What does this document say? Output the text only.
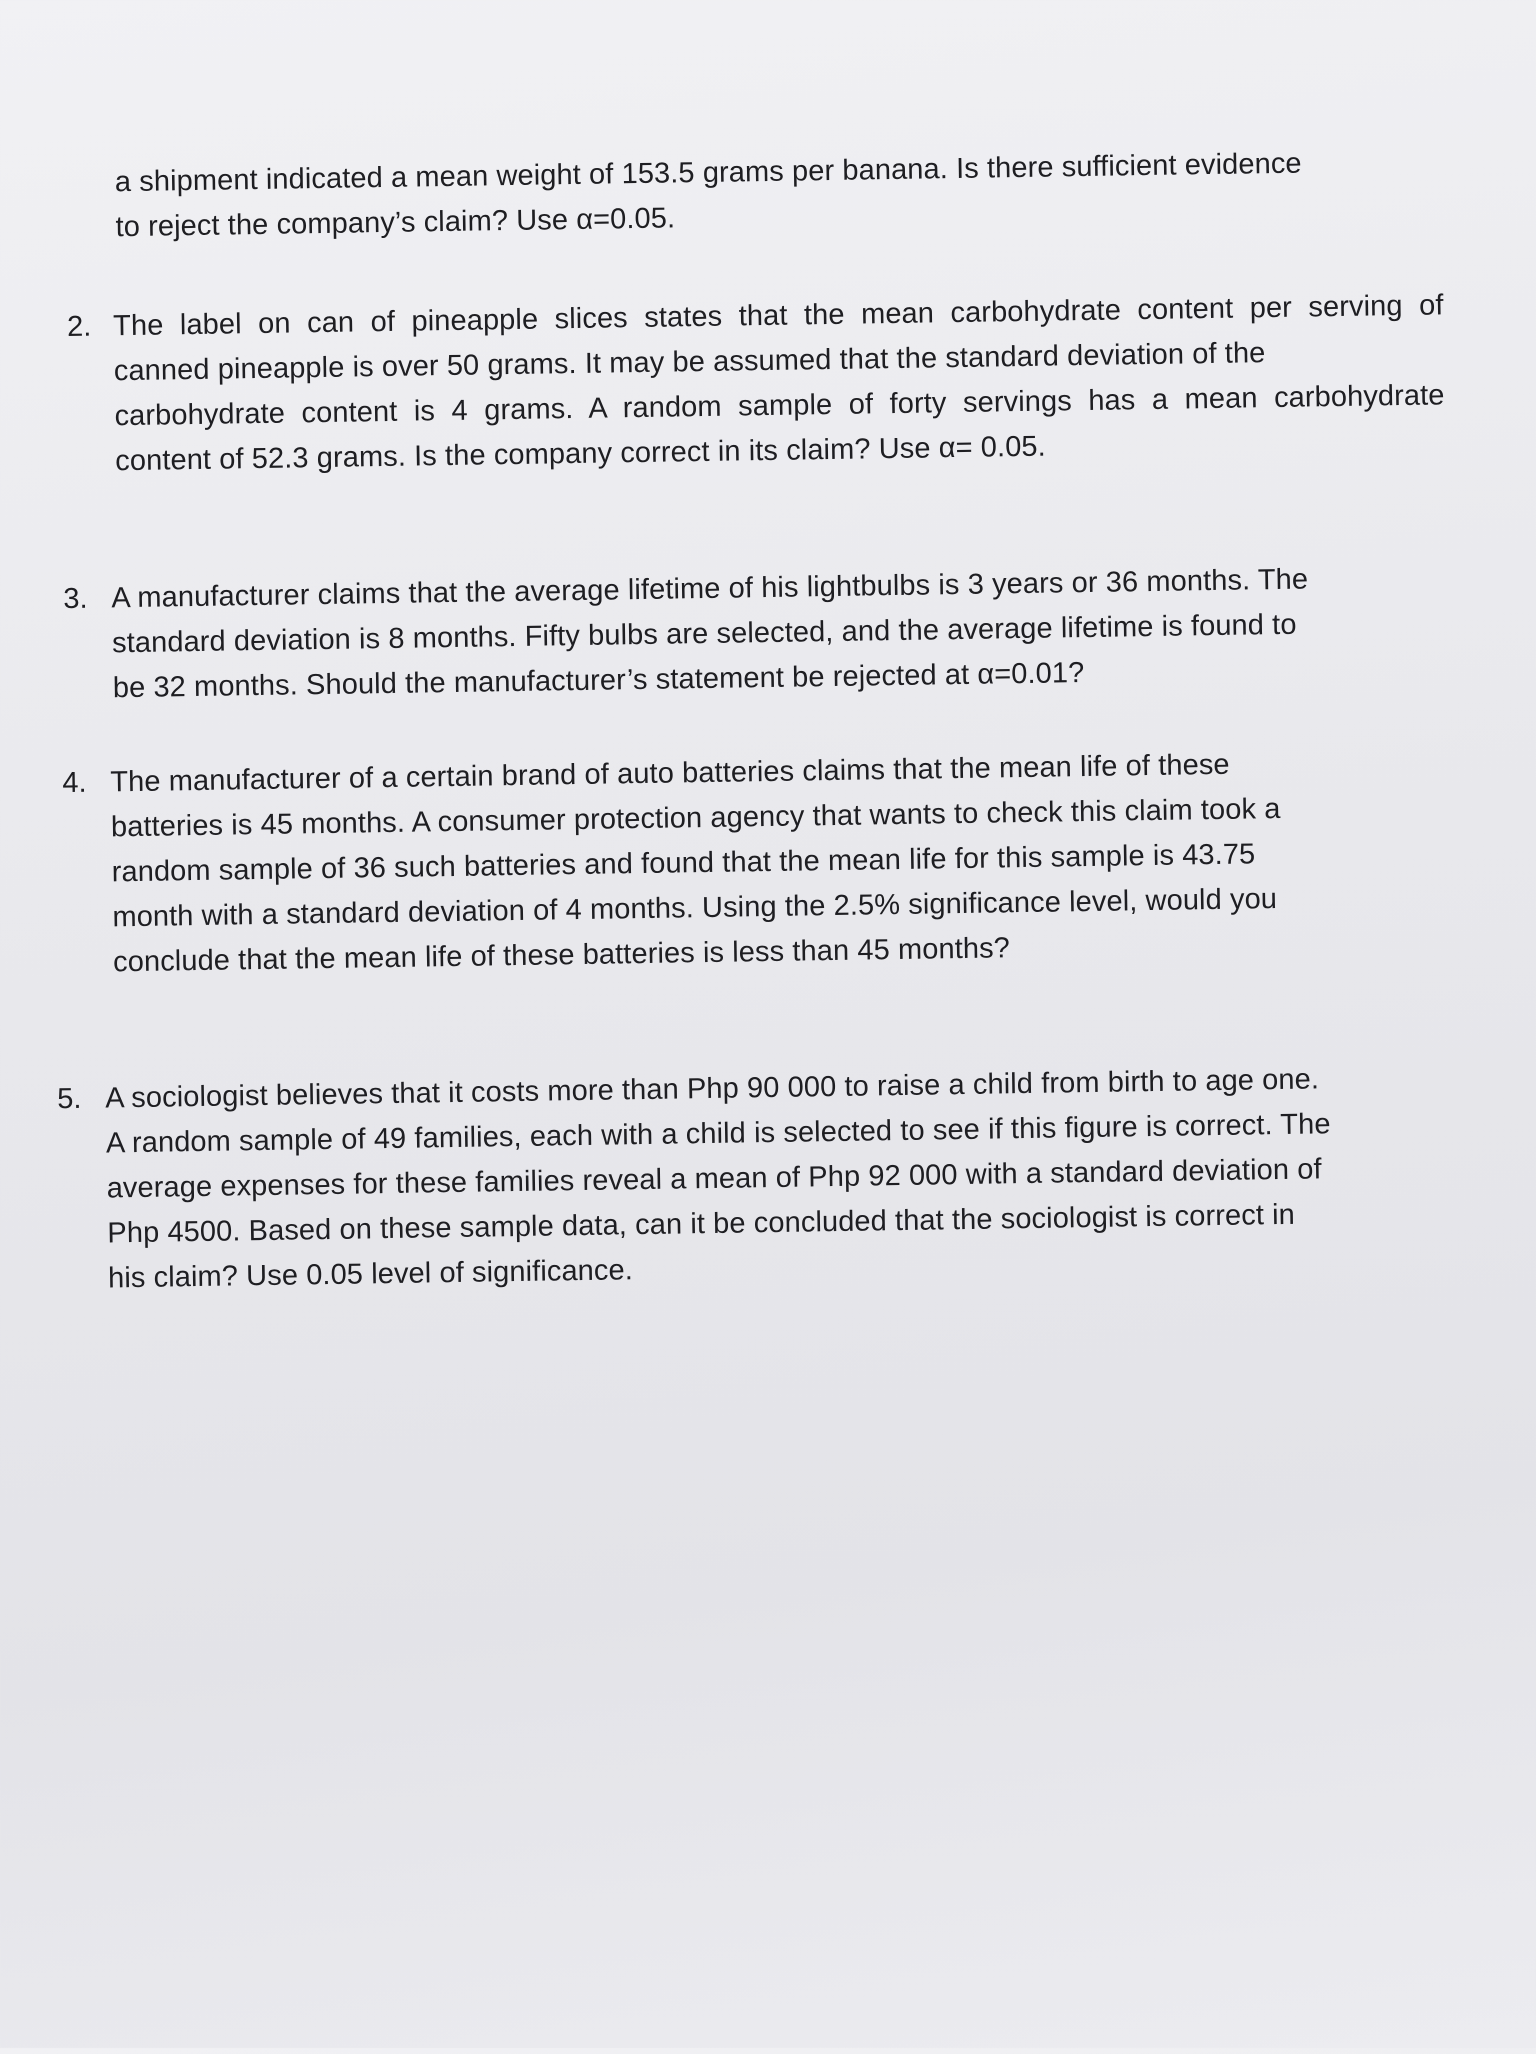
a shipment indicated a mean weight of 153.5 grams per banana. Is there sufficient evidence
to reject the company’s claim? Use α=0.05.
2. The label on can of pineapple slices states that the mean carbohydrate content per serving of
canned pineapple is over 50 grams. It may be assumed that the standard deviation of the
carbohydrate content is 4 grams. A random sample of forty servings has a mean carbohydrate
content of 52.3 grams. Is the company correct in its claim? Use α= 0.05.
3. A manufacturer claims that the average lifetime of his lightbulbs is 3 years or 36 months. The
standard deviation is 8 months. Fifty bulbs are selected, and the average lifetime is found to
be 32 months. Should the manufacturer’s statement be rejected at α=0.01?
4. The manufacturer of a certain brand of auto batteries claims that the mean life of these
batteries is 45 months. A consumer protection agency that wants to check this claim took a
random sample of 36 such batteries and found that the mean life for this sample is 43.75
month with a standard deviation of 4 months. Using the 2.5% significance level, would you
conclude that the mean life of these batteries is less than 45 months?
5. A sociologist believes that it costs more than Php 90 000 to raise a child from birth to age one.
A random sample of 49 families, each with a child is selected to see if this figure is correct. The
average expenses for these families reveal a mean of Php 92 000 with a standard deviation of
Php 4500. Based on these sample data, can it be concluded that the sociologist is correct in
his claim? Use 0.05 level of significance.
